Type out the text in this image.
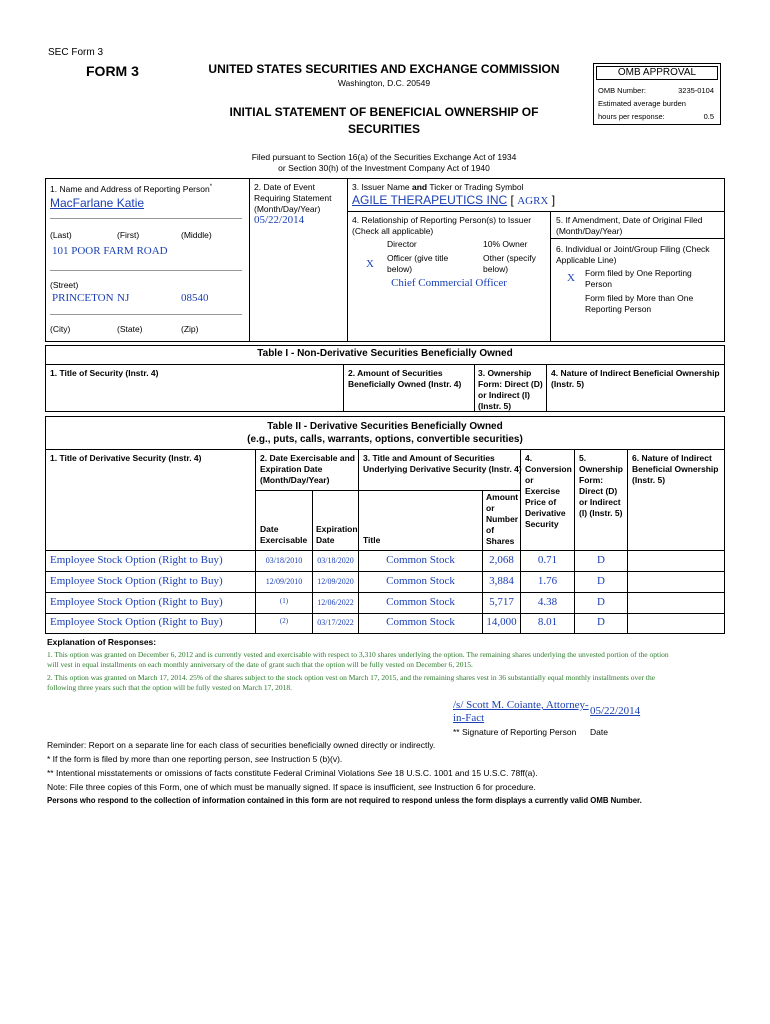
SEC Form 3
FORM 3	UNITED STATES SECURITIES AND EXCHANGE COMMISSION
Washington, D.C. 20549
INITIAL STATEMENT OF BENEFICIAL OWNERSHIP OF
SECURITIES
Filed pursuant to Section 16(a) of the Securities Exchange Act of 1934
or Section 30(h) of the Investment Company Act of 1940
OMB APPROVAL
OMB Number:	3235-0104
Estimated average burden
hours per response:	0.5
1. Name and Address of Reporting Person*
MacFarlane Katie
(Last)	(First)	(Middle)
101 POOR FARM ROAD
(Street)
PRINCETON NJ	08540
(City)	(State)	(Zip)
2. Date of Event
Requiring Statement
(Month/Day/Year)
05/22/2014
3. Issuer Name and Ticker or Trading Symbol
AGILE THERAPEUTICS INC [ AGRX ]
4. Relationship of Reporting Person(s) to Issuer
(Check all applicable)
Director	10% Owner
X Officer (give title
below)
Other (specify
below)
Chief Commercial Officer
5. If Amendment, Date of Original Filed
(Month/Day/Year)
6. Individual or Joint/Group Filing (Check
Applicable Line)
X Form filed by One Reporting
Person
Form filed by More than One
Reporting Person
Table I - Non-Derivative Securities Beneficially Owned
1. Title of Security (Instr. 4)	2. Amount of Securities
Beneficially Owned (Instr. 4)
3. Ownership
Form: Direct (D)
or Indirect (I)
(Instr. 5)
4. Nature of Indirect Beneficial Ownership
(Instr. 5)
Table II - Derivative Securities Beneficially Owned
(e.g., puts, calls, warrants, options, convertible securities)
1. Title of Derivative Security (Instr. 4)	2. Date Exercisable and
Expiration Date
(Month/Day/Year)
3. Title and Amount of Securities
Underlying Derivative Security (Instr. 4)
4.
Conversion
or
Exercise
Price of
Derivative
Security
5.
Ownership
Form:
Direct (D)
or Indirect
(I) (Instr. 5)
6. Nature of Indirect
Beneficial Ownership
(Instr. 5)
Date
Exercisable
Expiration
Date	Title
Amount
or
Number
of
Shares
Employee Stock Option (Right to Buy)	03/18/2010	03/18/2020	Common Stock	2,068	0.71	D
Employee Stock Option (Right to Buy)	12/09/2010	12/09/2020	Common Stock	3,884	1.76	D
Employee Stock Option (Right to Buy)	(1)	12/06/2022	Common Stock	5,717	4.38	D
Employee Stock Option (Right to Buy)	(2)	03/17/2022	Common Stock	14,000	8.01	D
Explanation of Responses:
1. This option was granted on December 6, 2012 and is currently vested and exercisable with respect to 3,310 shares underlying the option. The remaining shares underlying the unvested portion of the option
will vest in equal installments on each monthly anniversary of the date of grant such that the option will be fully vested on December 6, 2015.
2. This option was granted on March 17, 2014. 25% of the shares subject to the stock option vest on March 17, 2015, and the remaining shares vest in 36 substantially equal monthly installments over the
following three years such that the option will be fully vested on March 17, 2018.
/s/ Scott M. Coiante, Attorney-
in-Fact
05/22/2014
** Signature of Reporting Person Date
Reminder: Report on a separate line for each class of securities beneficially owned directly or indirectly.
* If the form is filed by more than one reporting person, see Instruction 5 (b)(v).
** Intentional misstatements or omissions of facts constitute Federal Criminal Violations See 18 U.S.C. 1001 and 15 U.S.C. 78ff(a).
Note: File three copies of this Form, one of which must be manually signed. If space is insufficient, see Instruction 6 for procedure.
Persons who respond to the collection of information contained in this form are not required to respond unless the form displays a currently valid OMB Number.
